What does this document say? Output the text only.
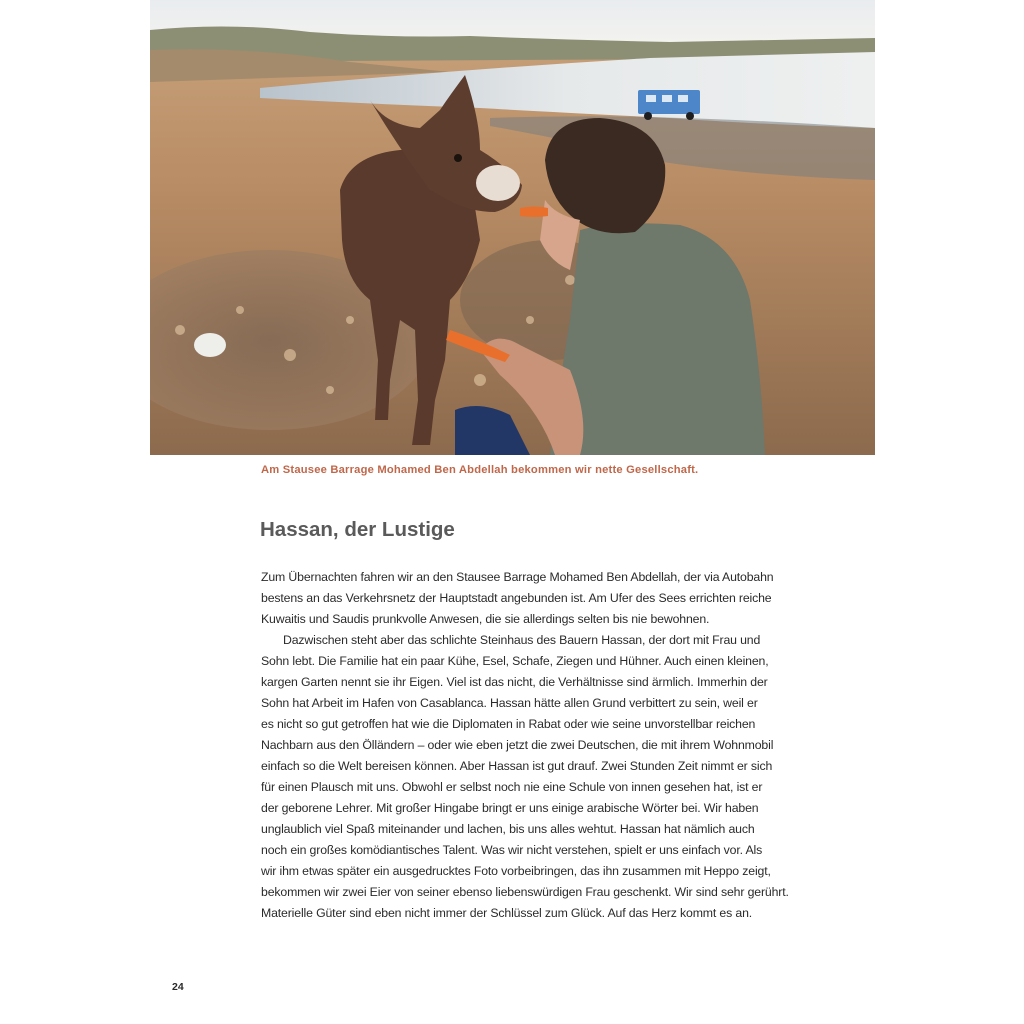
Am Stausee Barrage Mohamed Ben Abdellah bekommen wir nette Gesellschaft.
Hassan, der Lustige
Zum Übernachten fahren wir an den Stausee Barrage Mohamed Ben Abdellah, der via Autobahn
bestens an das Verkehrsnetz der Hauptstadt angebunden ist. Am Ufer des Sees errichten reiche
Kuwaitis und Saudis prunkvolle Anwesen, die sie allerdings selten bis nie bewohnen.
Dazwischen steht aber das schlichte Steinhaus des Bauern Hassan, der dort mit Frau und
Sohn lebt. Die Familie hat ein paar Kühe, Esel, Schafe, Ziegen und Hühner. Auch einen kleinen,
kargen Garten nennt sie ihr Eigen. Viel ist das nicht, die Verhältnisse sind ärmlich. Immerhin der
Sohn hat Arbeit im Hafen von Casablanca. Hassan hätte allen Grund verbittert zu sein, weil er
es nicht so gut getroffen hat wie die Diplomaten in Rabat oder wie seine unvorstellbar reichen
Nachbarn aus den Ölländern – oder wie eben jetzt die zwei Deutschen, die mit ihrem Wohnmobil
einfach so die Welt bereisen können. Aber Hassan ist gut drauf. Zwei Stunden Zeit nimmt er sich
für einen Plausch mit uns. Obwohl er selbst noch nie eine Schule von innen gesehen hat, ist er
der geborene Lehrer. Mit großer Hingabe bringt er uns einige arabische Wörter bei. Wir haben
unglaublich viel Spaß miteinander und lachen, bis uns alles wehtut. Hassan hat nämlich auch
noch ein großes komödiantisches Talent. Was wir nicht verstehen, spielt er uns einfach vor. Als
wir ihm etwas später ein ausgedrucktes Foto vorbeibringen, das ihn zusammen mit Heppo zeigt,
bekommen wir zwei Eier von seiner ebenso liebenswürdigen Frau geschenkt. Wir sind sehr gerührt.
Materielle Güter sind eben nicht immer der Schlüssel zum Glück. Auf das Herz kommt es an.
24
